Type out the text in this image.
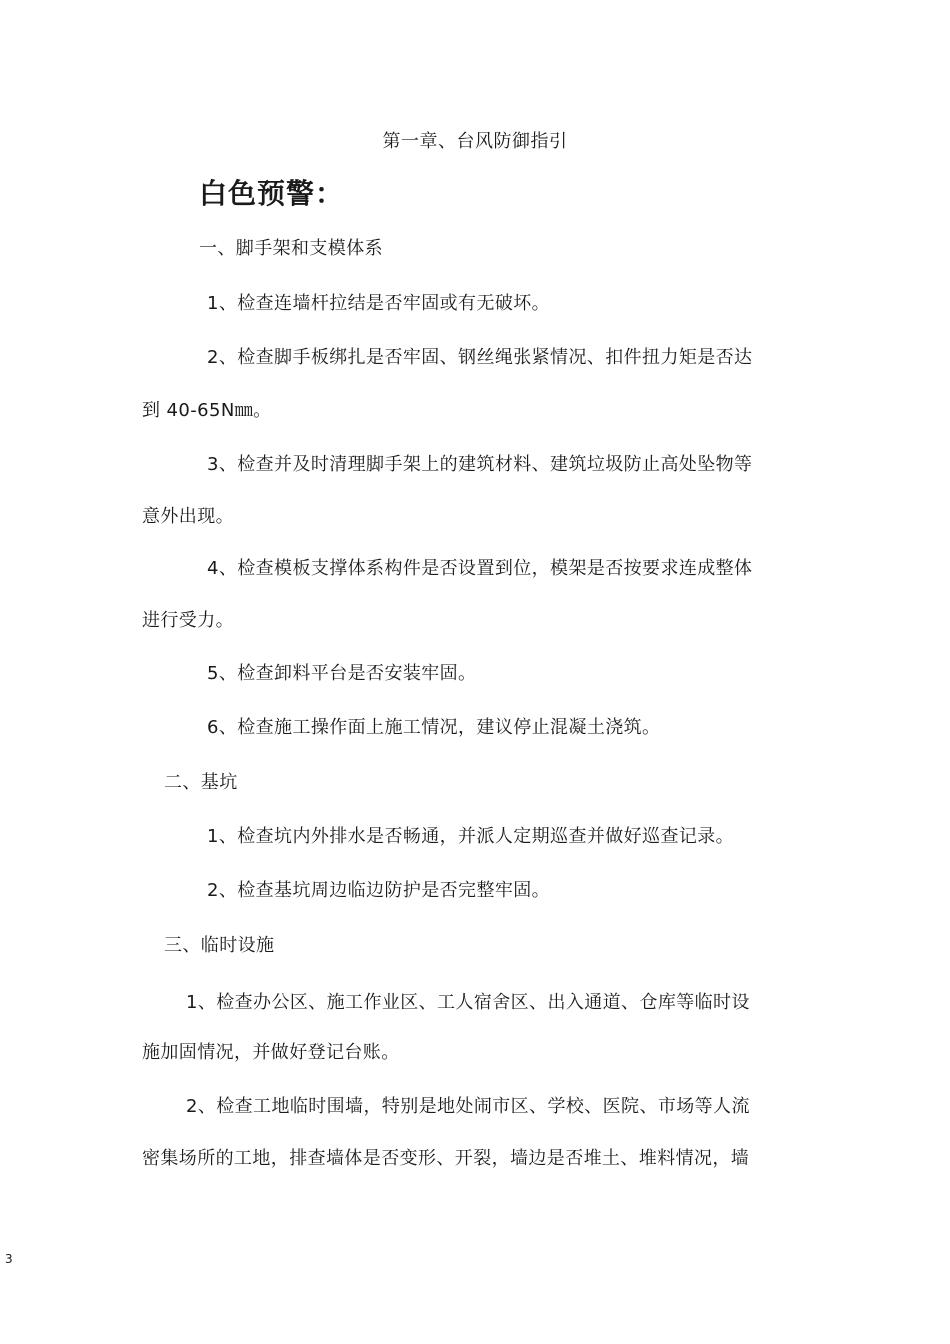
第一章、台风防御指引
白色预警：
一、脚手架和支模体系
1、检查连墙杆拉结是否牢固或有无破坏。
2、检查脚手板绑扎是否牢固、钢丝绳张紧情况、扣件扭力矩是否达
到 40-65N㎜。
3、检查并及时清理脚手架上的建筑材料、建筑垃圾防止高处坠物等
意外出现。
4、检查模板支撑体系构件是否设置到位，模架是否按要求连成整体
进行受力。
5、检查卸料平台是否安装牢固。
6、检查施工操作面上施工情况，建议停止混凝土浇筑。
二、基坑
1、检查坑内外排水是否畅通，并派人定期巡查并做好巡查记录。
2、检查基坑周边临边防护是否完整牢固。
三、临时设施
1、检查办公区、施工作业区、工人宿舍区、出入通道、仓库等临时设
施加固情况，并做好登记台账。
2、检查工地临时围墙，特别是地处闹市区、学校、医院、市场等人流
密集场所的工地，排查墙体是否变形、开裂，墙边是否堆土、堆料情况，墙
3
